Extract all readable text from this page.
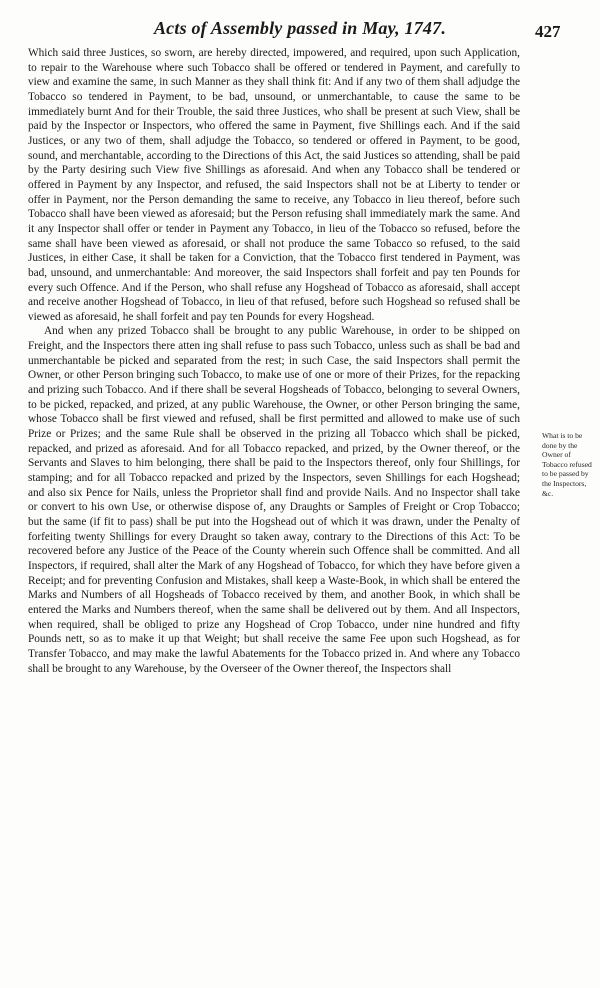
Acts of Assembly passed in May, 1747.	427

Which said three Justices, so sworn, are hereby directed, impowered, and required, upon such Application, to repair to the Warehouse where such Tobacco shall be offered or tendered in Payment, and carefully to view and examine the same, in such Manner as they shall think fit: And if any two of them shall adjudge the Tobacco so tendered in Payment, to be bad, unsound, or unmerchantable, to cause the same to be immediately burnt And for their Trouble, the said three Justices, who shall be present at such View, shall be paid by the Inspector or Inspectors, who offered the same in Payment, five Shillings each. And if the said Justices, or any two of them, shall adjudge the Tobacco, so tendered or offered in Payment, to be good, sound, and merchantable, according to the Directions of this Act, the said Justices so attending, shall be paid by the Party desiring such View five Shillings as aforesaid. And when any Tobacco shall be tendered or offered in Payment by any Inspector, and refused, the said Inspectors shall not be at Liberty to tender or offer in Payment, nor the Person demanding the same to receive, any Tobacco in lieu thereof, before such Tobacco shall have been viewed as aforesaid; but the Person refusing shall immediately mark the same. And it any Inspector shall offer or tender in Payment any Tobacco, in lieu of the Tobacco so refused, before the same shall have been viewed as aforesaid, or shall not produce the same Tobacco so refused, to the said Justices, in either Case, it shall be taken for a Conviction, that the Tobacco first tendered in Payment, was bad, unsound, and unmerchantable: And moreover, the said Inspectors shall forfeit and pay ten Pounds for every such Offence. And if the Person, who shall refuse any Hogshead of Tobacco as aforesaid, shall accept and receive another Hogshead of Tobacco, in lieu of that refused, before such Hogshead so refused shall be viewed as aforesaid, he shall forfeit and pay ten Pounds for every Hogshead.

And when any prized Tobacco shall be brought to any public Warehouse, in order to be shipped on Freight, and the Inspectors there atten ing shall refuse to pass such Tobacco, unless such as shall be bad and unmerchantable be picked and separated from the rest; in such Case, the said Inspectors shall permit the Owner, or other Person bringing such Tobacco, to make use of one or more of their Prizes, for the repacking and prizing such Tobacco. And if there shall be several Hogsheads of Tobacco, belonging to several Owners, to be picked, repacked, and prized, at any public Warehouse, the Owner, or other Person bringing the same, whose Tobacco shall be first viewed and refused, shall be first permitted and allowed to make use of such Prize or Prizes; and the same Rule shall be observed in the prizing all Tobacco which shall be picked, repacked, and prized as aforesaid. And for all Tobacco repacked, and prized, by the Owner thereof, or the Servants and Slaves to him belonging, there shall be paid to the Inspectors thereof, only four Shillings, for stamping; and for all Tobacco repacked and prized by the Inspectors, seven Shillings for each Hogshead; and also six Pence for Nails, unless the Proprietor shall find and provide Nails. And no Inspector shall take or convert to his own Use, or otherwise dispose of, any Draughts or Samples of Freight or Crop Tobacco; but the same (if fit to pass) shall be put into the Hogshead out of which it was drawn, under the Penalty of forfeiting twenty Shillings for every Draught so taken away, contrary to the Directions of this Act: To be recovered before any Justice of the Peace of the County wherein such Offence shall be committed. And all Inspectors, if required, shall alter the Mark of any Hogshead of Tobacco, for which they have before given a Receipt; and for preventing Confusion and Mistakes, shall keep a Waste-Book, in which shall be entered the Marks and Numbers of all Hogsheads of Tobacco received by them, and another Book, in which shall be entered the Marks and Numbers thereof, when the same shall be delivered out by them. And all Inspectors, when required, shall be obliged to prize any Hogshead of Crop Tobacco, under nine hundred and fifty Pounds nett, so as to make it up that Weight; but shall receive the same Fee upon such Hogshead, as for Transfer Tobacco, and may make the lawful Abatements for the Tobacco prized in. And where any Tobacco shall be brought to any Warehouse, by the Overseer of the Owner thereof, the Inspectors shall

What is to be done by the Owner of Tobacco refused to be passed by the Inspectors, &c.
